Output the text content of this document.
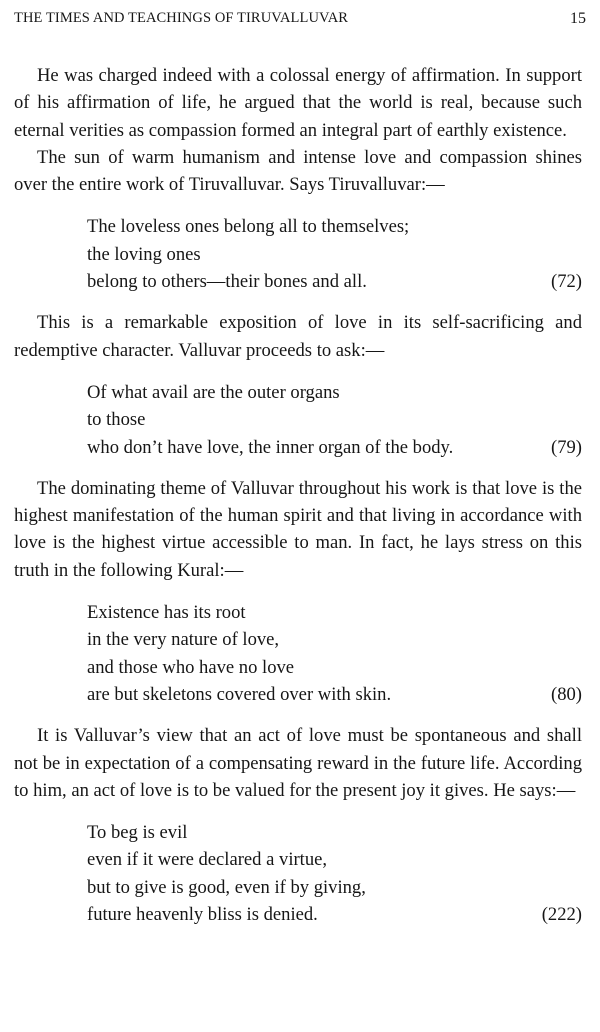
THE TIMES AND TEACHINGS OF TIRUVALLUVAR	15

He was charged indeed with a colossal energy of affirmation. In support of his affirmation of life, he argued that the world is real, because such eternal verities as compassion formed an integral part of earthly existence.

The sun of warm humanism and intense love and compassion shines over the entire work of Tiruvalluvar. Says Tiruvalluvar:—

The loveless ones belong all to themselves;
the loving ones
belong to others—their bones and all.	(72)

This is a remarkable exposition of love in its self-sacrificing and redemptive character. Valluvar proceeds to ask:—

Of what avail are the outer organs
to those
who don’t have love, the inner organ of the body.	(79)

The dominating theme of Valluvar throughout his work is that love is the highest manifestation of the human spirit and that living in accordance with love is the highest virtue accessible to man. In fact, he lays stress on this truth in the following Kural:—

Existence has its root
in the very nature of love,
and those who have no love
are but skeletons covered over with skin.	(80)

It is Valluvar’s view that an act of love must be spontaneous and shall not be in expectation of a compensating reward in the future life. According to him, an act of love is to be valued for the present joy it gives. He says:—

To beg is evil
even if it were declared a virtue,
but to give is good, even if by giving,
future heavenly bliss is denied.	(222)
